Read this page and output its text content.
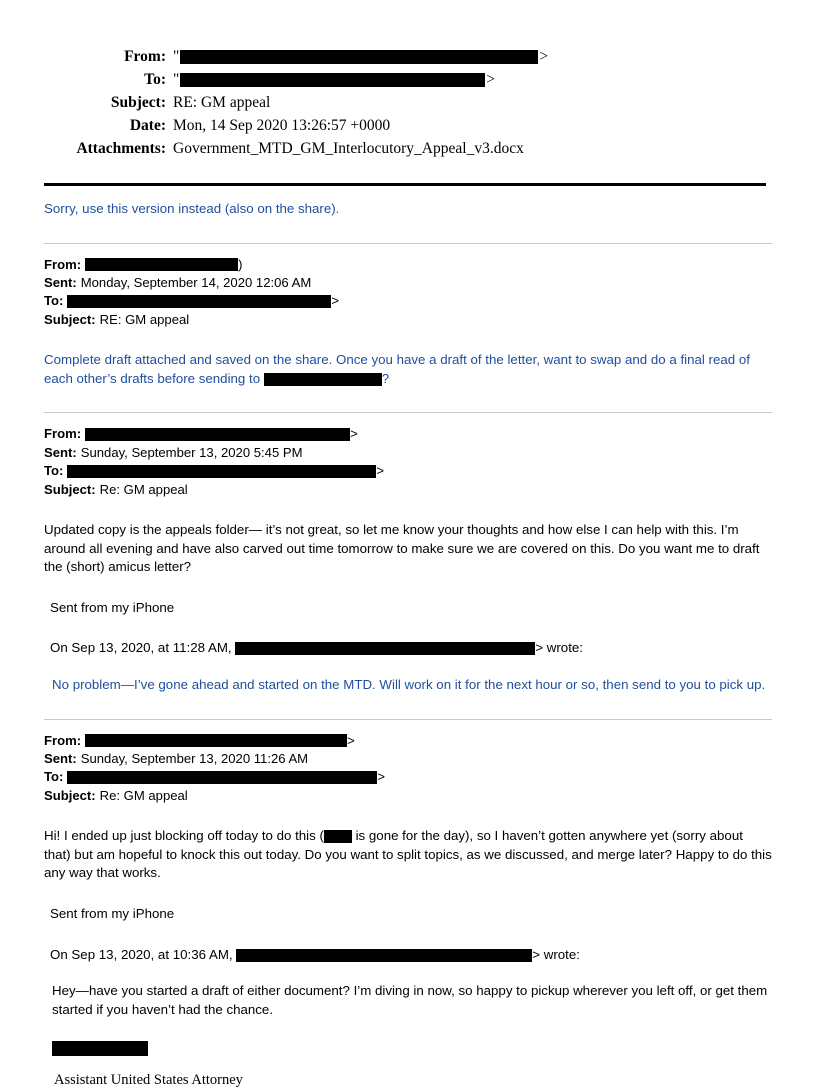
From: "	>
To: "	>
Subject: RE: GM appeal
Date: Mon, 14 Sep 2020 13:26:57 +0000
Attachments: Government_MTD_GM_Interlocutory_Appeal_v3.docx
Sorry, use this version instead (also on the share).
From:	)
Sent: Monday, September 14, 2020 12:06 AM
To:	>
Subject: RE: GM appeal
Complete draft attached and saved on the share. Once you have a draft of the letter, want to swap and do a final read of each other’s drafts before sending to	?
From:	>
Sent: Sunday, September 13, 2020 5:45 PM
To:	>
Subject: Re: GM appeal
Updated copy is the appeals folder— it’s not great, so let me know your thoughts and how else I can help with this. I’m around all evening and have also carved out time tomorrow to make sure we are covered on this. Do you want me to draft the (short) amicus letter?
Sent from my iPhone
On Sep 13, 2020, at 11:28 AM,	> wrote:
No problem—I’ve gone ahead and started on the MTD. Will work on it for the next hour or so, then send to you to pick up.
From:	>
Sent: Sunday, September 13, 2020 11:26 AM
To:	>
Subject: Re: GM appeal
Hi! I ended up just blocking off today to do this ( is gone for the day), so I haven’t gotten anywhere yet (sorry about that) but am hopeful to knock this out today. Do you want to split topics, as we discussed, and merge later? Happy to do this any way that works.
Sent from my iPhone
On Sep 13, 2020, at 10:36 AM,	> wrote:
Hey—have you started a draft of either document? I’m diving in now, so happy to pickup wherever you left off, or get them started if you haven’t had the chance.
Assistant United States Attorney
